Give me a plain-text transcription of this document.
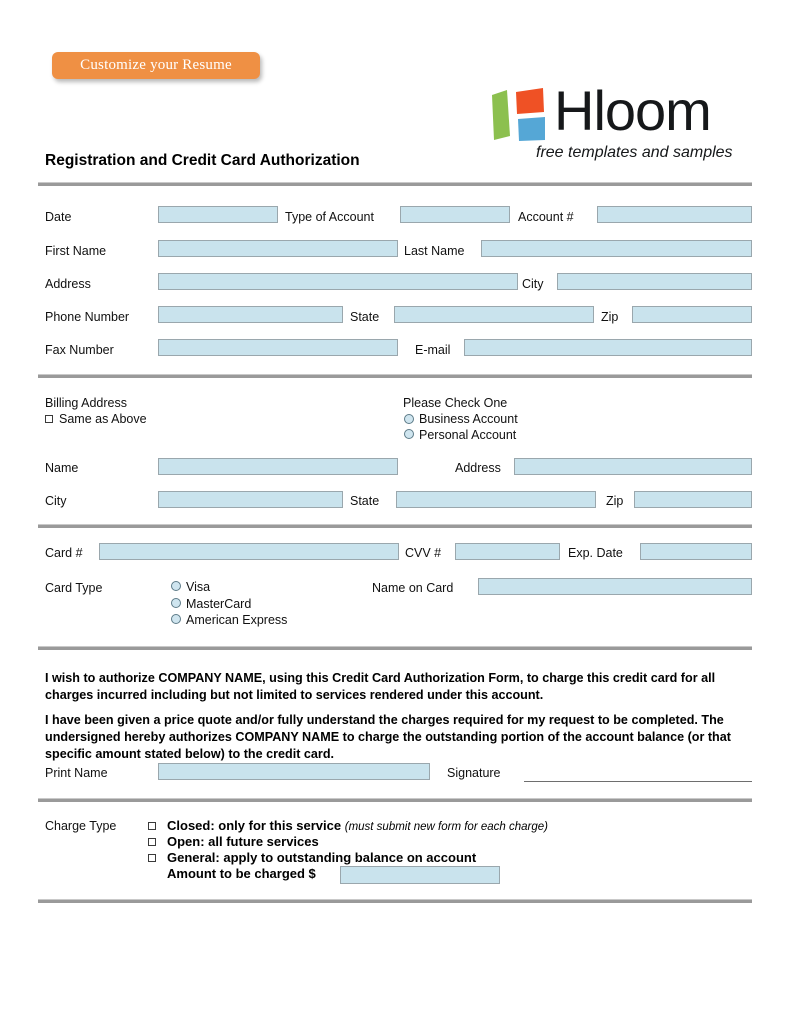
Customize your Resume
Hloom
free templates and samples
Registration and Credit Card Authorization
Date	Type of Account	Account #
First Name	Last Name
Address	City
Phone Number	State	Zip
Fax Number	E-mail
Billing Address
Same as Above
Please Check One
Business Account
Personal Account
Name	Address
City	State	Zip
Card #	CVV #	Exp. Date
Card Type	Visa
MasterCard
American Express
Name on Card
I wish to authorize COMPANY NAME, using this Credit Card Authorization Form, to charge this credit card for all charges incurred including but not limited to services rendered under this account.
I have been given a price quote and/or fully understand the charges required for my request to be completed. The undersigned hereby authorizes COMPANY NAME to charge the outstanding portion of the account balance (or that specific amount stated below) to the credit card.
Print Name	Signature
Charge Type	Closed: only for this service (must submit new form for each charge)
Open: all future services
General: apply to outstanding balance on account
Amount to be charged $
